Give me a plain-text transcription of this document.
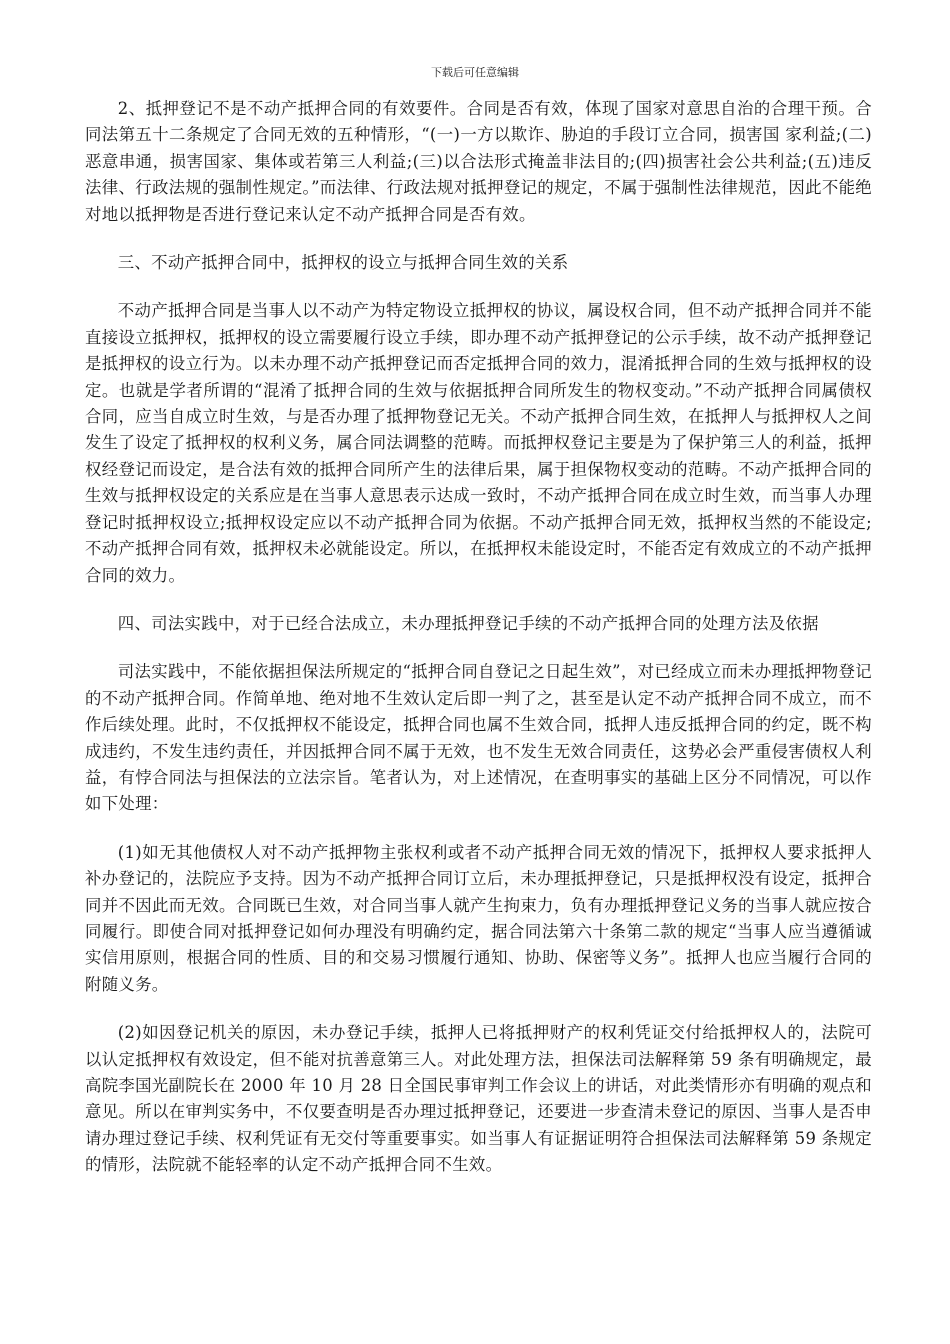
下载后可任意编辑

2、抵押登记不是不动产抵押合同的有效要件。合同是否有效，体现了国家对意思自治的合理干预。合同法第五十二条规定了合同无效的五种情形，“(一)一方以欺诈、胁迫的手段订立合同，损害国 家利益;(二)恶意串通，损害国家、集体或若第三人利益;(三)以合法形式掩盖非法目的;(四)损害社会公共利益;(五)违反法律、行政法规的强制性规定。”而法律、行政法规对抵押登记的规定，不属于强制性法律规范，因此不能绝对地以抵押物是否进行登记来认定不动产抵押合同是否有效。

三、不动产抵押合同中，抵押权的设立与抵押合同生效的关系

不动产抵押合同是当事人以不动产为特定物设立抵押权的协议，属设权合同，但不动产抵押合同并不能直接设立抵押权，抵押权的设立需要履行设立手续，即办理不动产抵押登记的公示手续，故不动产抵押登记是抵押权的设立行为。以未办理不动产抵押登记而否定抵押合同的效力，混淆抵押合同的生效与抵押权的设定。也就是学者所谓的“混淆了抵押合同的生效与依据抵押合同所发生的物权变动。”不动产抵押合同属债权合同，应当自成立时生效，与是否办理了抵押物登记无关。不动产抵押合同生效，在抵押人与抵押权人之间发生了设定了抵押权的权利义务，属合同法调整的范畴。而抵押权登记主要是为了保护第三人的利益，抵押权经登记而设定，是合法有效的抵押合同所产生的法律后果，属于担保物权变动的范畴。不动产抵押合同的生效与抵押权设定的关系应是在当事人意思表示达成一致时，不动产抵押合同在成立时生效，而当事人办理登记时抵押权设立;抵押权设定应以不动产抵押合同为依据。不动产抵押合同无效，抵押权当然的不能设定;不动产抵押合同有效，抵押权未必就能设定。所以，在抵押权未能设定时，不能否定有效成立的不动产抵押合同的效力。

四、司法实践中，对于已经合法成立，未办理抵押登记手续的不动产抵押合同的处理方法及依据

司法实践中，不能依据担保法所规定的“抵押合同自登记之日起生效”，对已经成立而未办理抵押物登记的不动产抵押合同。作简单地、绝对地不生效认定后即一判了之，甚至是认定不动产抵押合同不成立，而不作后续处理。此时，不仅抵押权不能设定，抵押合同也属不生效合同，抵押人违反抵押合同的约定，既不构成违约，不发生违约责任，并因抵押合同不属于无效，也不发生无效合同责任，这势必会严重侵害债权人利益，有悖合同法与担保法的立法宗旨。笔者认为，对上述情况，在查明事实的基础上区分不同情况，可以作如下处理：

(1)如无其他债权人对不动产抵押物主张权利或者不动产抵押合同无效的情况下，抵押权人要求抵押人补办登记的，法院应予支持。因为不动产抵押合同订立后，未办理抵押登记，只是抵押权没有设定，抵押合同并不因此而无效。合同既已生效，对合同当事人就产生拘束力，负有办理抵押登记义务的当事人就应按合同履行。即使合同对抵押登记如何办理没有明确约定，据合同法第六十条第二款的规定“当事人应当遵循诚实信用原则，根据合同的性质、目的和交易习惯履行通知、协助、保密等义务”。抵押人也应当履行合同的附随义务。

(2)如因登记机关的原因，未办登记手续，抵押人已将抵押财产的权利凭证交付给抵押权人的，法院可以认定抵押权有效设定，但不能对抗善意第三人。对此处理方法，担保法司法解释第 59 条有明确规定，最高院李国光副院长在 2000 年 10 月 28 日全国民事审判工作会议上的讲话，对此类情形亦有明确的观点和意见。所以在审判实务中，不仅要查明是否办理过抵押登记，还要进一步查清未登记的原因、当事人是否申请办理过登记手续、权利凭证有无交付等重要事实。如当事人有证据证明符合担保法司法解释第 59 条规定的情形，法院就不能轻率的认定不动产抵押合同不生效。
